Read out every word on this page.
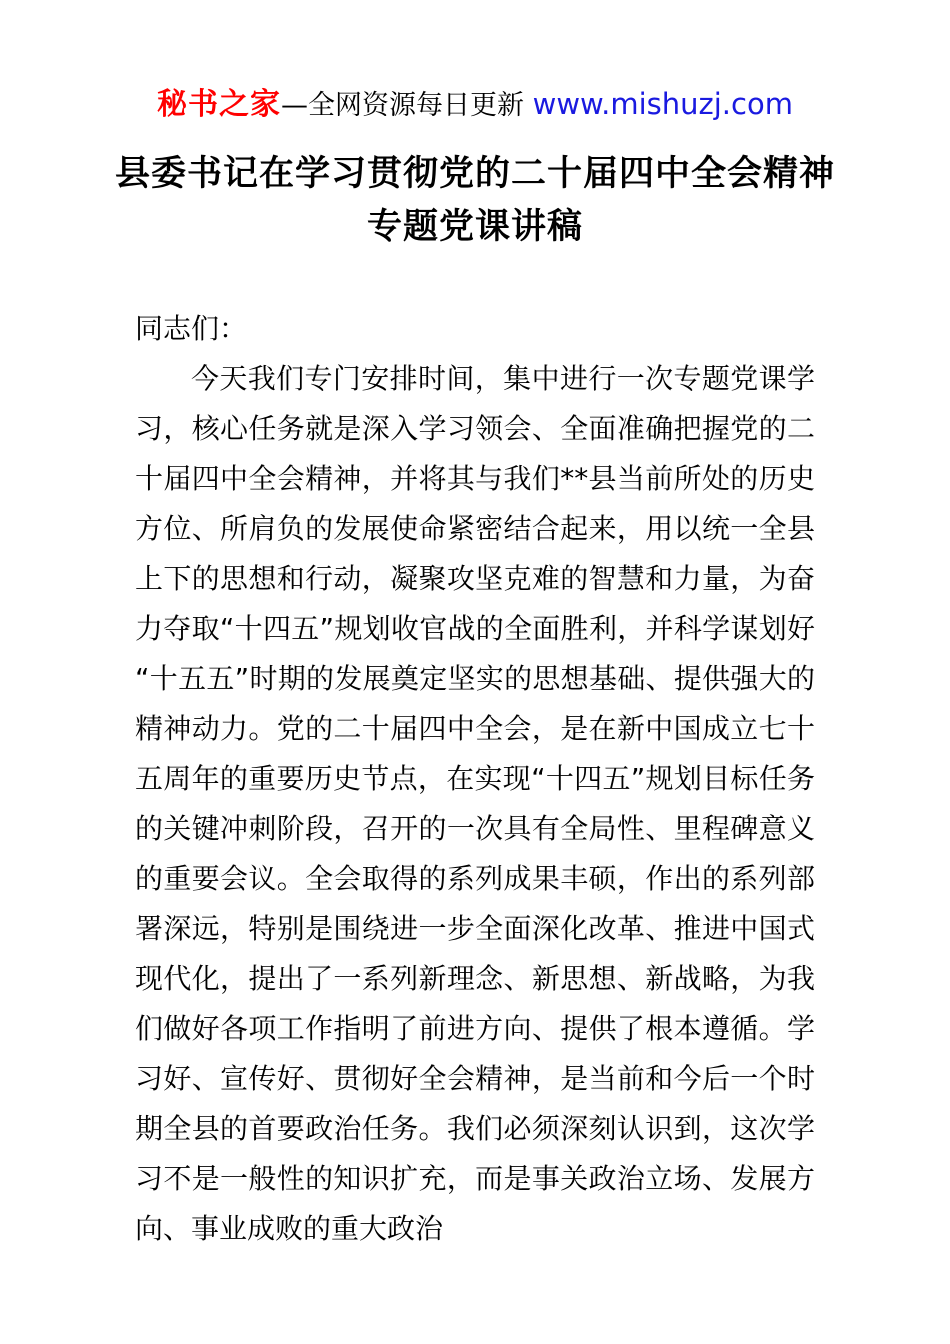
秘书之家—全网资源每日更新 www.mishuzj.com
县委书记在学习贯彻党的二十届四中全会精神
专题党课讲稿

同志们：

今天我们专门安排时间，集中进行一次专题党课学习，核心任务就是深入学习领会、全面准确把握党的二十届四中全会精神，并将其与我们**县当前所处的历史方位、所肩负的发展使命紧密结合起来，用以统一全县上下的思想和行动，凝聚攻坚克难的智慧和力量，为奋力夺取“十四五”规划收官战的全面胜利，并科学谋划好“十五五”时期的发展奠定坚实的思想基础、提供强大的精神动力。党的二十届四中全会，是在新中国成立七十五周年的重要历史节点，在实现“十四五”规划目标任务的关键冲刺阶段，召开的一次具有全局性、里程碑意义的重要会议。全会取得的系列成果丰硕，作出的系列部署深远，特别是围绕进一步全面深化改革、推进中国式现代化，提出了一系列新理念、新思想、新战略，为我们做好各项工作指明了前进方向、提供了根本遵循。学习好、宣传好、贯彻好全会精神，是当前和今后一个时期全县的首要政治任务。我们必须深刻认识到，这次学习不是一般性的知识扩充，而是事关政治立场、发展方向、事业成败的重大政治
